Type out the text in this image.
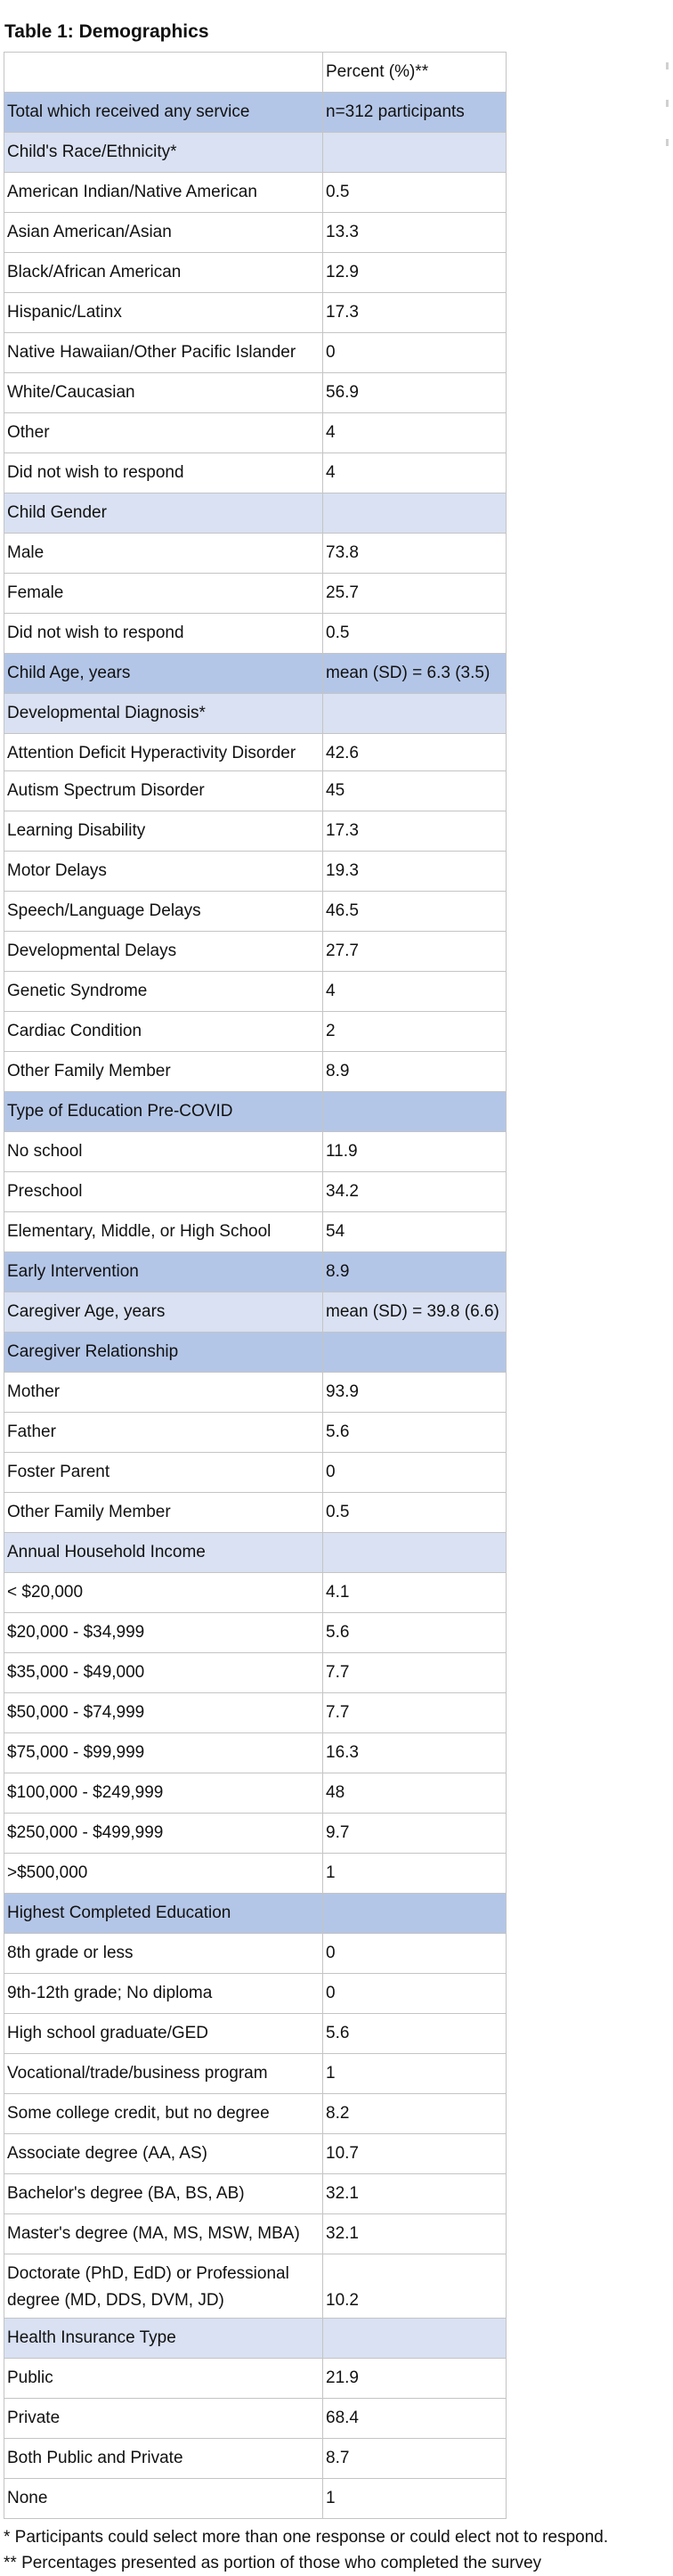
Table 1: Demographics
	Percent (%)**
Total which received any service	n=312 participants
Child's Race/Ethnicity*	
American Indian/Native American	0.5
Asian American/Asian	13.3
Black/African American	12.9
Hispanic/Latinx	17.3
Native Hawaiian/Other Pacific Islander	0
White/Caucasian	56.9
Other	4
Did not wish to respond	4
Child Gender	
Male	73.8
Female	25.7
Did not wish to respond	0.5
Child Age, years	mean (SD) = 6.3 (3.5)
Developmental Diagnosis*	
Attention Deficit Hyperactivity Disorder	42.6
Autism Spectrum Disorder	45
Learning Disability	17.3
Motor Delays	19.3
Speech/Language Delays	46.5
Developmental Delays	27.7
Genetic Syndrome	4
Cardiac Condition	2
Other Family Member	8.9
Type of Education Pre-COVID	
No school	11.9
Preschool	34.2
Elementary, Middle, or High School	54
Early Intervention	8.9
Caregiver Age, years	mean (SD) = 39.8 (6.6)
Caregiver Relationship	
Mother	93.9
Father	5.6
Foster Parent	0
Other Family Member	0.5
Annual Household Income	
< $20,000	4.1
$20,000 - $34,999	5.6
$35,000 - $49,000	7.7
$50,000 - $74,999	7.7
$75,000 - $99,999	16.3
$100,000 - $249,999	48
$250,000 - $499,999	9.7
>$500,000	1
Highest Completed Education	
8th grade or less	0
9th-12th grade; No diploma	0
High school graduate/GED	5.6
Vocational/trade/business program	1
Some college credit, but no degree	8.2
Associate degree (AA, AS)	10.7
Bachelor's degree (BA, BS, AB)	32.1
Master's degree (MA, MS, MSW, MBA)	32.1
Doctorate (PhD, EdD) or Professional degree (MD, DDS, DVM, JD)	10.2
Health Insurance Type	
Public	21.9
Private	68.4
Both Public and Private	8.7
None	1
* Participants could select more than one response or could elect not to respond.
** Percentages presented as portion of those who completed the survey
